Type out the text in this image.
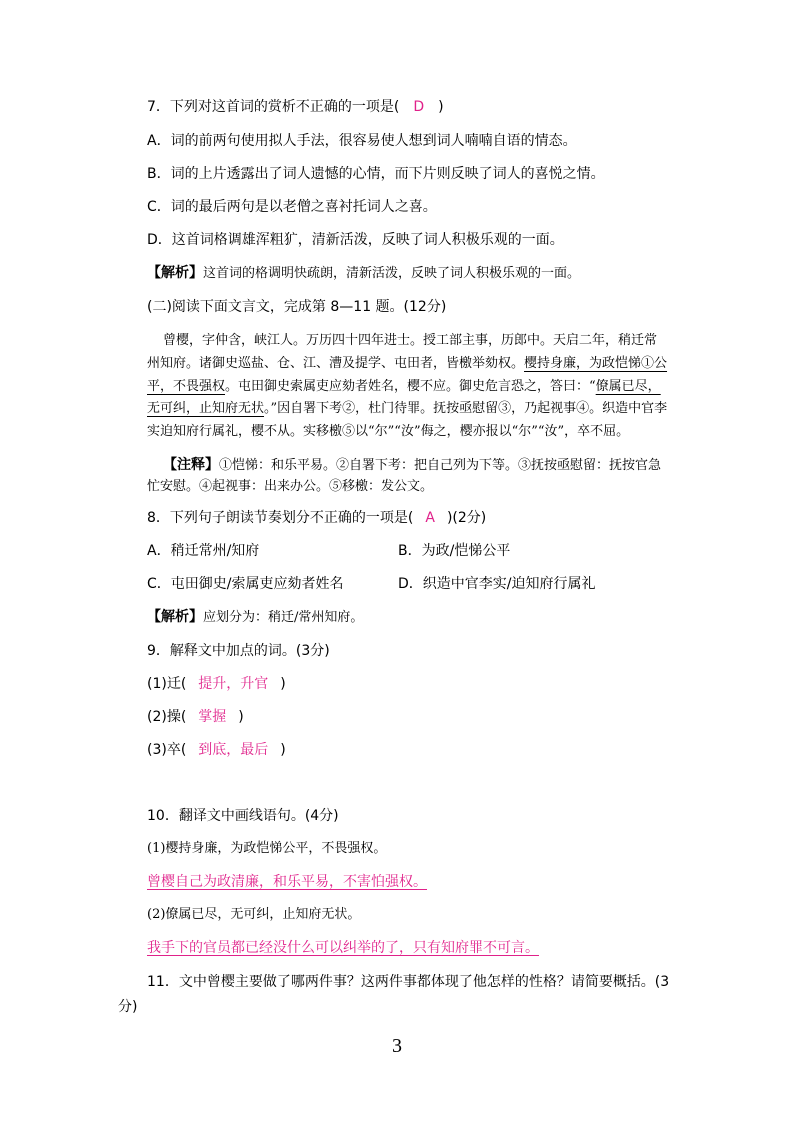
7．下列对这首词的赏析不正确的一项是( D )
A．词的前两句使用拟人手法，很容易使人想到词人喃喃自语的情态。
B．词的上片透露出了词人遗憾的心情，而下片则反映了词人的喜悦之情。
C．词的最后两句是以老僧之喜衬托词人之喜。
D．这首词格调雄浑粗犷，清新活泼，反映了词人积极乐观的一面。
【解析】这首词的格调明快疏朗，清新活泼，反映了词人积极乐观的一面。
(二)阅读下面文言文，完成第 8—11 题。(12分)
曾樱，字仲含，峡江人。万历四十四年进士。授工部主事，历郎中。天启二年，稍迁常
州知府。诸御史巡盐、仓、江、漕及提学、屯田者，皆檄举劾权。樱持身廉，为政恺悌①公
平，不畏强权。屯田御史索属吏应劾者姓名，樱不应。御史危言恐之，答曰：“僚属已尽，
无可纠，止知府无状。”因自署下考②，杜门待罪。抚按亟慰留③，乃起视事④。织造中官李
实迫知府行属礼，樱不从。实移檄⑤以“尔”“汝”侮之，樱亦报以“尔”“汝”，卒不屈。
【注释】①恺悌：和乐平易。②自署下考：把自己列为下等。③抚按亟慰留：抚按官急
忙安慰。④起视事：出来办公。⑤移檄：发公文。
8．下列句子朗读节奏划分不正确的一项是( A )(2分)
A．稍迁常州/知府	B．为政/恺悌公平
C．屯田御史/索属吏应劾者姓名	D．织造中官李实/迫知府行属礼
【解析】应划分为：稍迁/常州知府。
9．解释文中加点的词。(3分)
(1)迁( 提升，升官 )
(2)操( 掌握 )
(3)卒( 到底，最后 )
10．翻译文中画线语句。(4分)
(1)樱持身廉，为政恺悌公平，不畏强权。
曾樱自己为政清廉，和乐平易，不害怕强权。
(2)僚属已尽，无可纠，止知府无状。
我手下的官员都已经没什么可以纠举的了，只有知府罪不可言。
11．文中曾樱主要做了哪两件事？这两件事都体现了他怎样的性格？请简要概括。(3
分)
3
